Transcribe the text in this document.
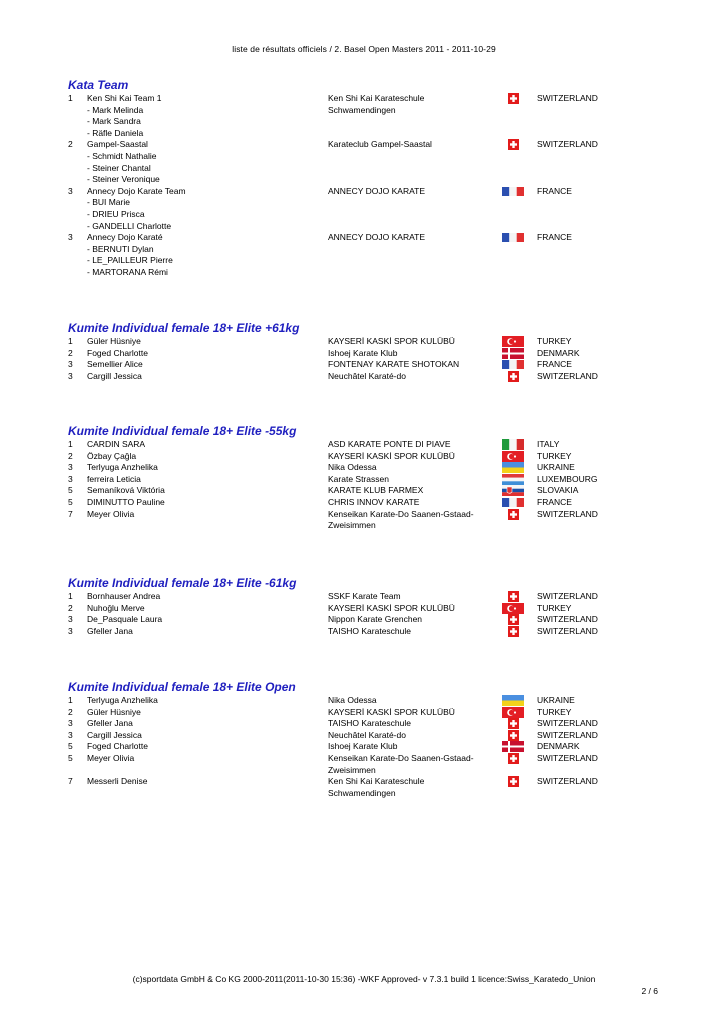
liste de résultats officiels / 2. Basel Open Masters 2011 - 2011-10-29
Kata Team
1 Ken Shi Kai Team 1	Ken Shi Kai Karateschule	SWITZERLAND
- Mark Melinda	Schwamendingen
- Mark Sandra
- Räfle Daniela
2 Gampel-Saastal	Karateclub Gampel-Saastal	SWITZERLAND
- Schmidt Nathalie
- Steiner Chantal
- Steiner Veronique
3 Annecy Dojo Karate Team	ANNECY DOJO KARATE	FRANCE
- BUI Marie
- DRIEU Prisca
- GANDELLI Charlotte
3 Annecy Dojo Karaté	ANNECY DOJO KARATE	FRANCE
- BERNUTI Dylan
- LE_PAILLEUR Pierre
- MARTORANA Rémi
Kumite Individual female 18+ Elite +61kg
1 Güler Hüsniye	KAYSERİ KASKİ SPOR KULÜBÜ	TURKEY
2 Foged Charlotte	Ishoej Karate Klub	DENMARK
3 Semellier Alice	FONTENAY KARATE SHOTOKAN	FRANCE
3 Cargill Jessica	Neuchâtel Karaté-do	SWITZERLAND
Kumite Individual female 18+ Elite -55kg
1 CARDIN SARA	ASD KARATE PONTE DI PIAVE	ITALY
2 Özbay Çağla	KAYSERİ KASKİ SPOR KULÜBÜ	TURKEY
3 Terlyuga Anzhelika	Nika Odessa	UKRAINE
3 ferreira Leticia	Karate Strassen	LUXEMBOURG
5 Semaníková Viktória	KARATE KLUB FARMEX	SLOVAKIA
5 DIMINUTTO Pauline	CHRIS INNOV KARATE	FRANCE
7 Meyer Olivia	Kenseikan Karate-Do Saanen-Gstaad-	SWITZERLAND
Zweisimmen
Kumite Individual female 18+ Elite -61kg
1 Bornhauser Andrea	SSKF Karate Team	SWITZERLAND
2 Nuhoğlu Merve	KAYSERİ KASKİ SPOR KULÜBÜ	TURKEY
3 De_Pasquale Laura	Nippon Karate Grenchen	SWITZERLAND
3 Gfeller Jana	TAISHO Karateschule	SWITZERLAND
Kumite Individual female 18+ Elite Open
1 Terlyuga Anzhelika	Nika Odessa	UKRAINE
2 Güler Hüsniye	KAYSERİ KASKİ SPOR KULÜBÜ	TURKEY
3 Gfeller Jana	TAISHO Karateschule	SWITZERLAND
3 Cargill Jessica	Neuchâtel Karaté-do	SWITZERLAND
5 Foged Charlotte	Ishoej Karate Klub	DENMARK
5 Meyer Olivia	Kenseikan Karate-Do Saanen-Gstaad-	SWITZERLAND
Zweisimmen
7 Messerli Denise	Ken Shi Kai Karateschule	SWITZERLAND
Schwamendingen
(c)sportdata GmbH & Co KG 2000-2011(2011-10-30 15:36) -WKF Approved- v 7.3.1 build 1 licence:Swiss_Karatedo_Union
2 / 6
